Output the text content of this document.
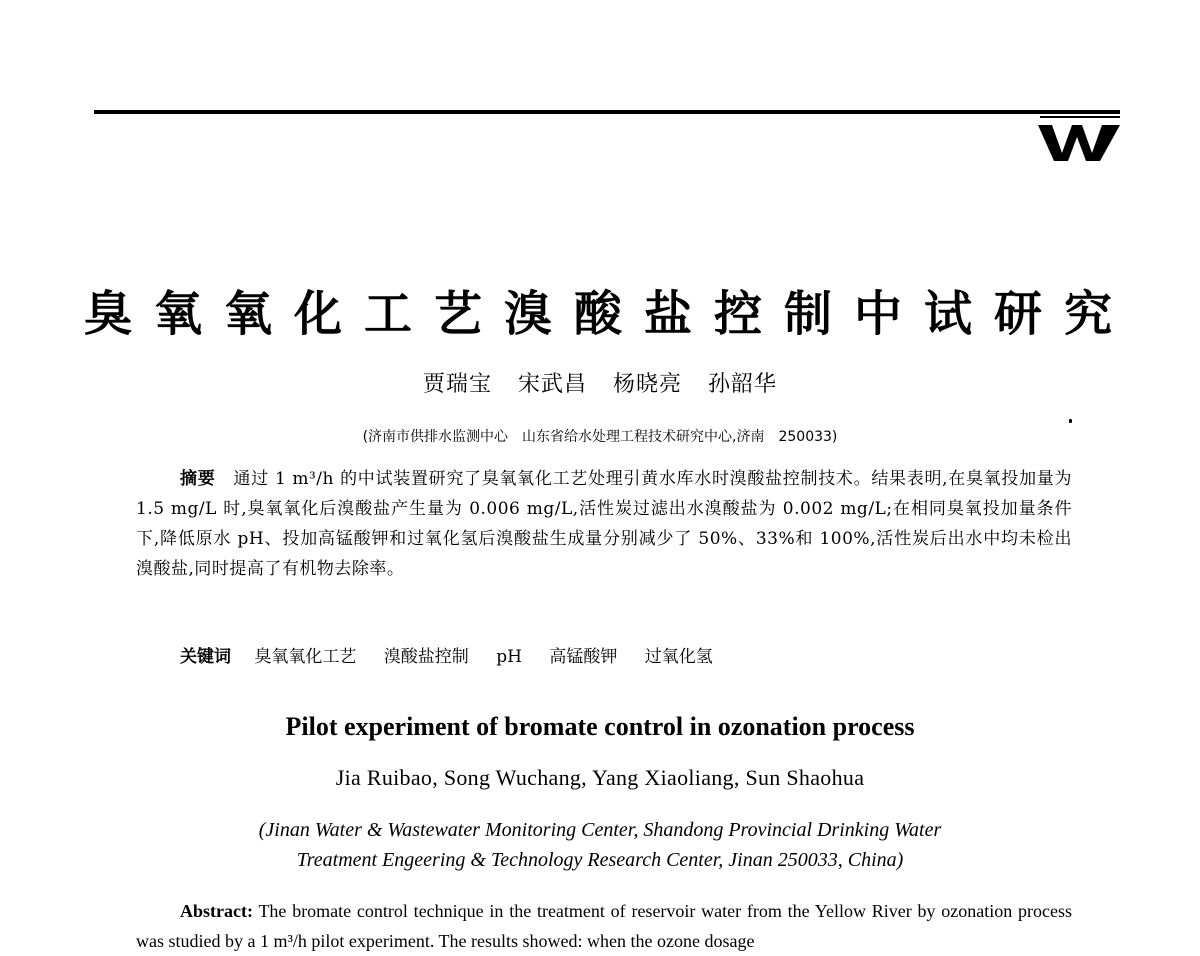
臭氧氧化工艺溴酸盐控制中试研究
贾瑞宝 宋武昌 杨晓亮 孙韶华
(济南市供排水监测中心　山东省给水处理工程技术研究中心,济南　250033)

摘要 通过 1 m³/h 的中试装置研究了臭氧氧化工艺处理引黄水库水时溴酸盐控制技术。结果表明,在臭氧投加量为 1.5 mg/L 时,臭氧氧化后溴酸盐产生量为 0.006 mg/L,活性炭过滤出水溴酸盐为 0.002 mg/L;在相同臭氧投加量条件下,降低原水 pH、投加高锰酸钾和过氧化氢后溴酸盐生成量分别减少了 50%、33%和 100%,活性炭后出水中均未检出溴酸盐,同时提高了有机物去除率。

关键词 臭氧氧化工艺 溴酸盐控制 pH 高锰酸钾 过氧化氢
Pilot experiment of bromate control in ozonation process
Jia Ruibao, Song Wuchang, Yang Xiaoliang, Sun Shaohua
(Jinan Water & Wastewater Monitoring Center, Shandong Provincial Drinking Water
Treatment Engeering & Technology Research Center, Jinan 250033, China)

Abstract: The bromate control technique in the treatment of reservoir water from the Yellow River by ozonation process was studied by a 1 m³/h pilot experiment. The results showed: when the ozone dosage
